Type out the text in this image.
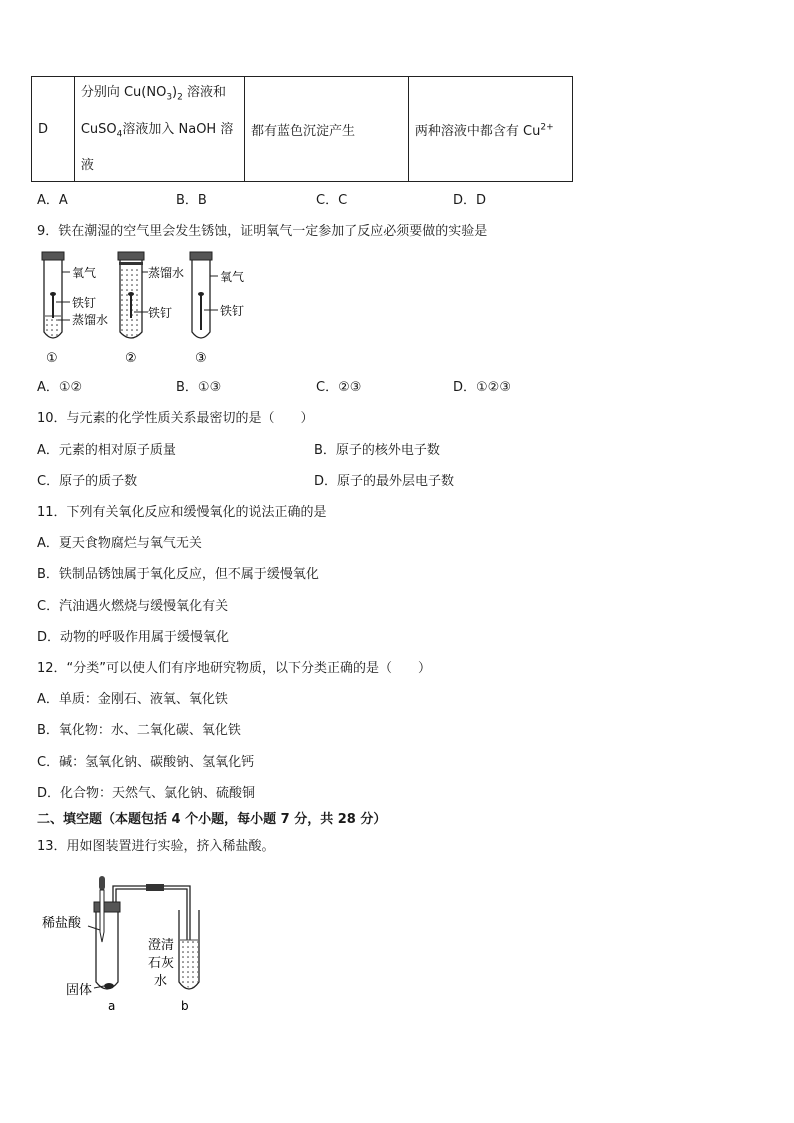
D	分别向 $Cu(NO_3)_2$ 溶液和
CuSO$_4$溶液加入 NaOH 溶
液	都有蓝色沉淀产生	两种溶液中都含有 $Cu^{2+}$
A．A	B．B	C．C	D．D
9．铁在潮湿的空气里会发生锈蚀，证明氧气一定参加了反应必须要做的实验是
氧气
铁钉
蒸馏水
蒸馏水
铁钉
氧气
铁钉
①	②	③
A．①②	B．①③	C．②③	D．①②③
10．与元素的化学性质关系最密切的是（　　）
A．元素的相对原子质量	B．原子的核外电子数
C．原子的质子数	D．原子的最外层电子数
11．下列有关氧化反应和缓慢氧化的说法正确的是
A．夏天食物腐烂与氧气无关
B．铁制品锈蚀属于氧化反应，但不属于缓慢氧化
C．汽油遇火燃烧与缓慢氧化有关
D．动物的呼吸作用属于缓慢氧化
12．“分类”可以使人们有序地研究物质，以下分类正确的是（　　）
A．单质：金刚石、液氧、氧化铁
B．氧化物：水、二氧化碳、氧化铁
C．碱：氢氧化钠、碳酸钠、氢氧化钙
D．化合物：天然气、氯化钠、硫酸铜
二、填空题（本题包括 4 个小题，每小题 7 分，共 28 分）
13．用如图装置进行实验，挤入稀盐酸。
稀盐酸
固体
澄清
石灰
水
a	b
